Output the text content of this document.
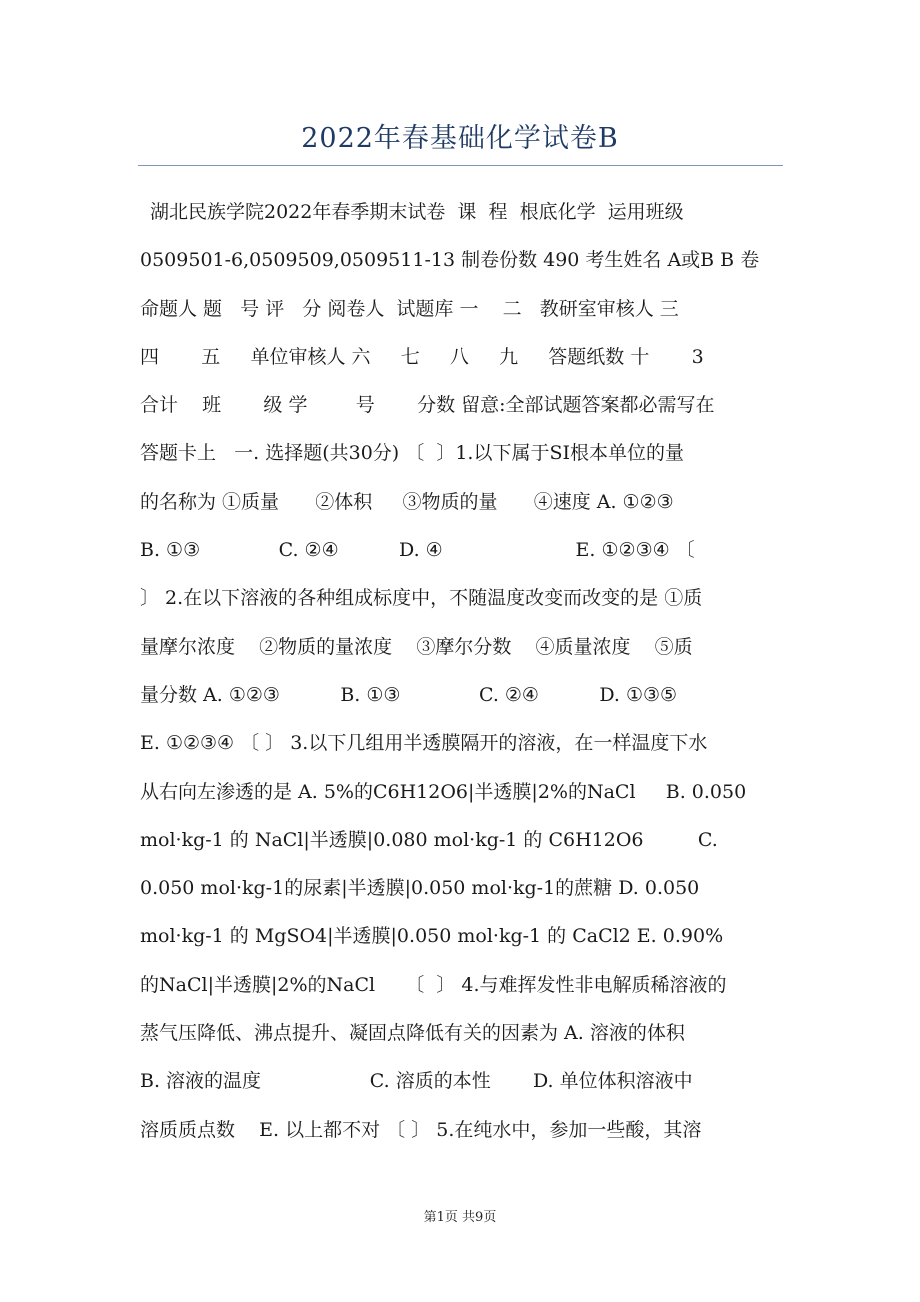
2022年春基础化学试卷B
湖北民族学院2022年春季期末试卷  课  程  根底化学  运用班级
0509501-6,0509509,0509511-13 制卷份数 490 考生姓名 A或B B 卷
命题人 题   号 评   分 阅卷人  试题库 一    二   教研室审核人 三
四       五     单位审核人 六     七     八     九     答题纸数 十       3
合计    班       级 学        号       分数 留意:全部试题答案都必需写在
答题卡上   一. 选择题(共30分) 〔  〕1.以下属于SI根本单位的量
的名称为 ①质量      ②体积     ③物质的量      ④速度 A. ①②③
B. ①③             C. ②④          D. ④                      E. ①②③④ 〔
〕 2.在以下溶液的各种组成标度中，不随温度改变而改变的是 ①质
量摩尔浓度    ②物质的量浓度    ③摩尔分数    ④质量浓度    ⑤质
量分数 A. ①②③          B. ①③             C. ②④          D. ①③⑤
E. ①②③④ 〔 〕 3.以下几组用半透膜隔开的溶液，在一样温度下水
从右向左渗透的是 A. 5%的C6H12O6|半透膜|2%的NaCl     B. 0.050
mol·kg-1 的 NaCl|半透膜|0.080 mol·kg-1 的 C6H12O6         C.
0.050 mol·kg-1的尿素|半透膜|0.050 mol·kg-1的蔗糖 D. 0.050
mol·kg-1 的 MgSO4|半透膜|0.050 mol·kg-1 的 CaCl2 E. 0.90%
的NaCl|半透膜|2%的NaCl     〔  〕 4.与难挥发性非电解质稀溶液的
蒸气压降低、沸点提升、凝固点降低有关的因素为 A. 溶液的体积
B. 溶液的温度                  C. 溶质的本性       D. 单位体积溶液中
溶质质点数    E. 以上都不对 〔 〕 5.在纯水中，参加一些酸，其溶
第1页 共9页
